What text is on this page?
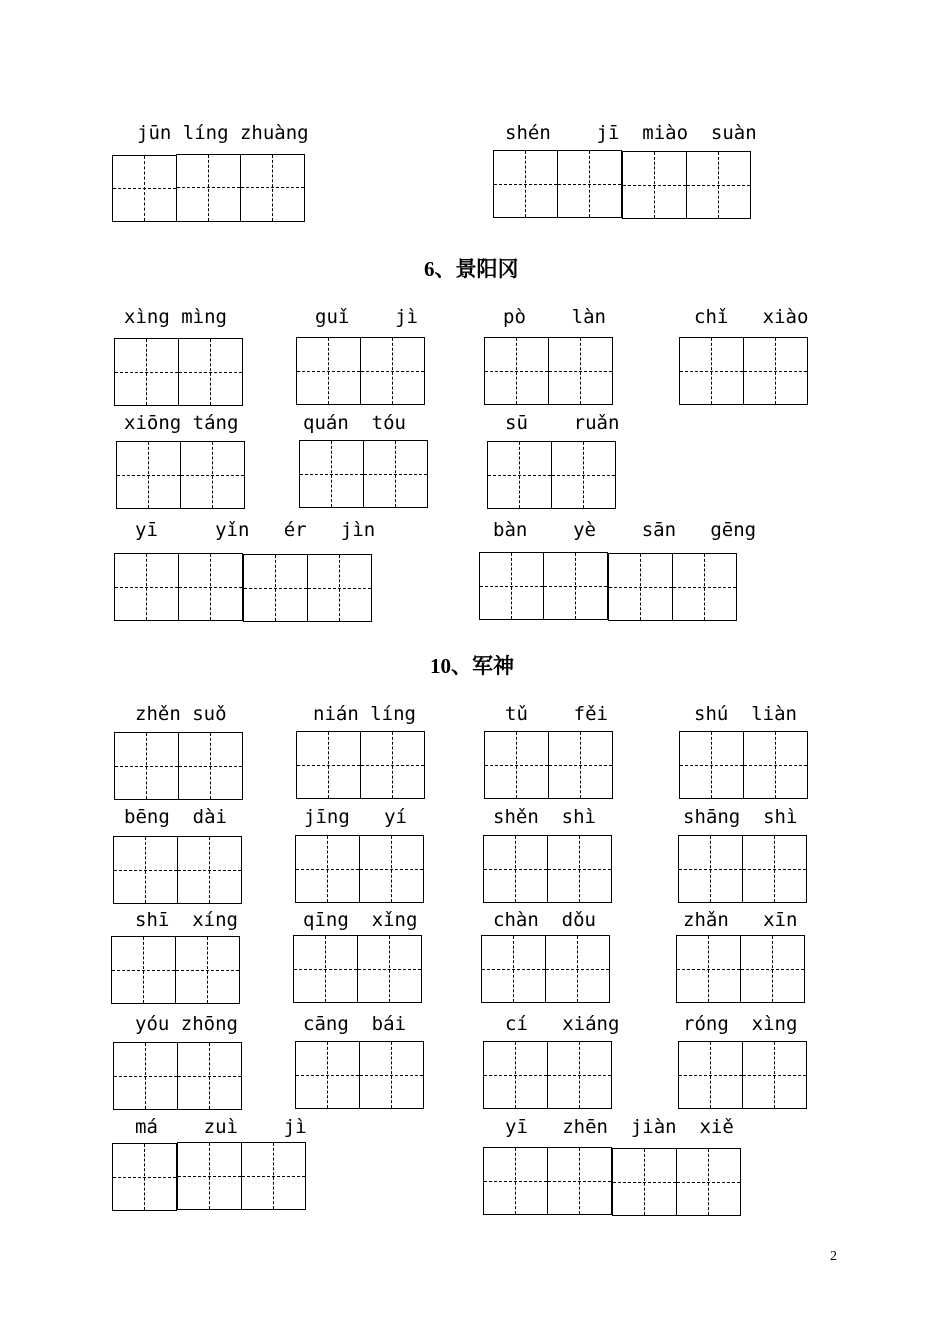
jūn líng zhuàng	shén    jī  miào  suàn
6、景阳冈
xìng mìng	guǐ    jì	pò    làn	chǐ   xiào
xiōng táng	quán  tóu	sū    ruǎn
yī     yǐn   ér   jìn	bàn    yè    sān   gēng
10、军神
zhěn suǒ	nián líng	tǔ    fěi	shú  liàn
bēng  dài	jīng   yí	shěn  shì	shāng  shì
shī  xíng	qīng  xǐng	chàn  dǒu	zhǎn   xīn
yóu zhōng	cāng  bái	cí   xiáng	róng  xìng
má    zuì    jì	yī   zhēn  jiàn  xiě
2
